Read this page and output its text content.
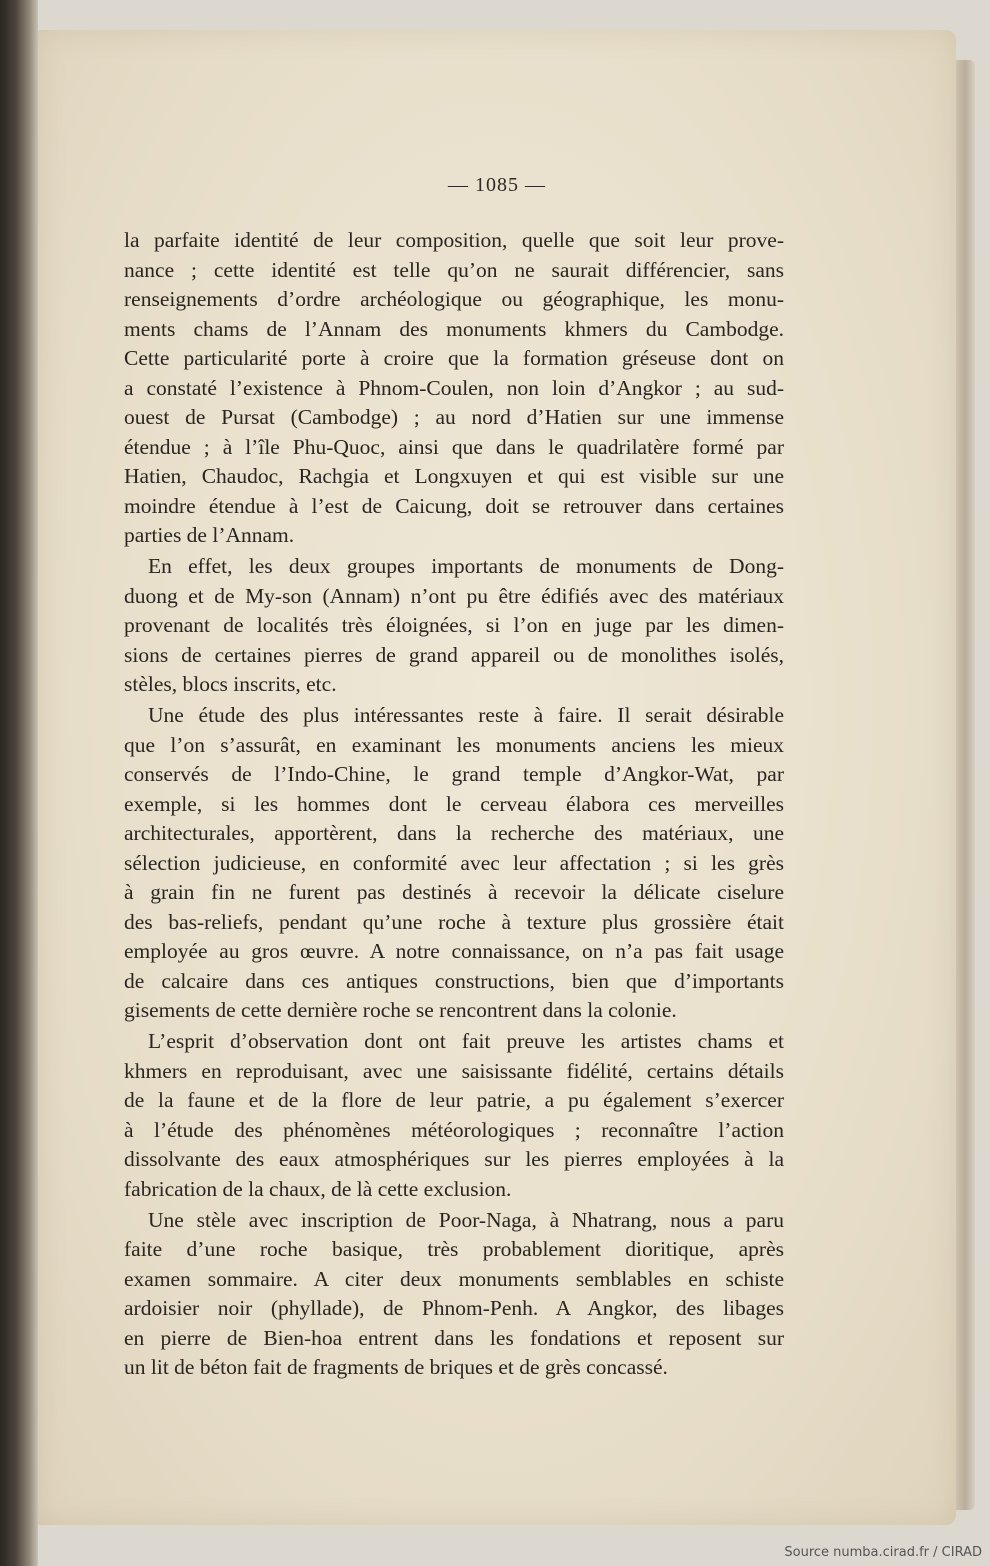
— 1085 —
la parfaite identité de leur composition, quelle que soit leur prove-
nance ; cette identité est telle qu’on ne saurait différencier, sans
renseignements d’ordre archéologique ou géographique, les monu-
ments chams de l’Annam des monuments khmers du Cambodge.
Cette particularité porte à croire que la formation gréseuse dont on
a constaté l’existence à Phnom-Coulen, non loin d’Angkor ; au sud-
ouest de Pursat (Cambodge) ; au nord d’Hatien sur une immense
étendue ; à l’île Phu-Quoc, ainsi que dans le quadrilatère formé par
Hatien, Chaudoc, Rachgia et Longxuyen et qui est visible sur une
moindre étendue à l’est de Caicung, doit se retrouver dans certaines
parties de l’Annam.
En effet, les deux groupes importants de monuments de Dong-
duong et de My-son (Annam) n’ont pu être édifiés avec des matériaux
provenant de localités très éloignées, si l’on en juge par les dimen-
sions de certaines pierres de grand appareil ou de monolithes isolés,
stèles, blocs inscrits, etc.
Une étude des plus intéressantes reste à faire. Il serait désirable
que l’on s’assurât, en examinant les monuments anciens les mieux
conservés de l’Indo-Chine, le grand temple d’Angkor-Wat, par
exemple, si les hommes dont le cerveau élabora ces merveilles
architecturales, apportèrent, dans la recherche des matériaux, une
sélection judicieuse, en conformité avec leur affectation ; si les grès
à grain fin ne furent pas destinés à recevoir la délicate ciselure
des bas-reliefs, pendant qu’une roche à texture plus grossière était
employée au gros œuvre. A notre connaissance, on n’a pas fait usage
de calcaire dans ces antiques constructions, bien que d’importants
gisements de cette dernière roche se rencontrent dans la colonie.
L’esprit d’observation dont ont fait preuve les artistes chams et
khmers en reproduisant, avec une saisissante fidélité, certains détails
de la faune et de la flore de leur patrie, a pu également s’exercer
à l’étude des phénomènes météorologiques ; reconnaître l’action
dissolvante des eaux atmosphériques sur les pierres employées à la
fabrication de la chaux, de là cette exclusion.
Une stèle avec inscription de Poor-Naga, à Nhatrang, nous a paru
faite d’une roche basique, très probablement dioritique, après
examen sommaire. A citer deux monuments semblables en schiste
ardoisier noir (phyllade), de Phnom-Penh. A Angkor, des libages
en pierre de Bien-hoa entrent dans les fondations et reposent sur
un lit de béton fait de fragments de briques et de grès concassé.
Source numba.cirad.fr / CIRAD
